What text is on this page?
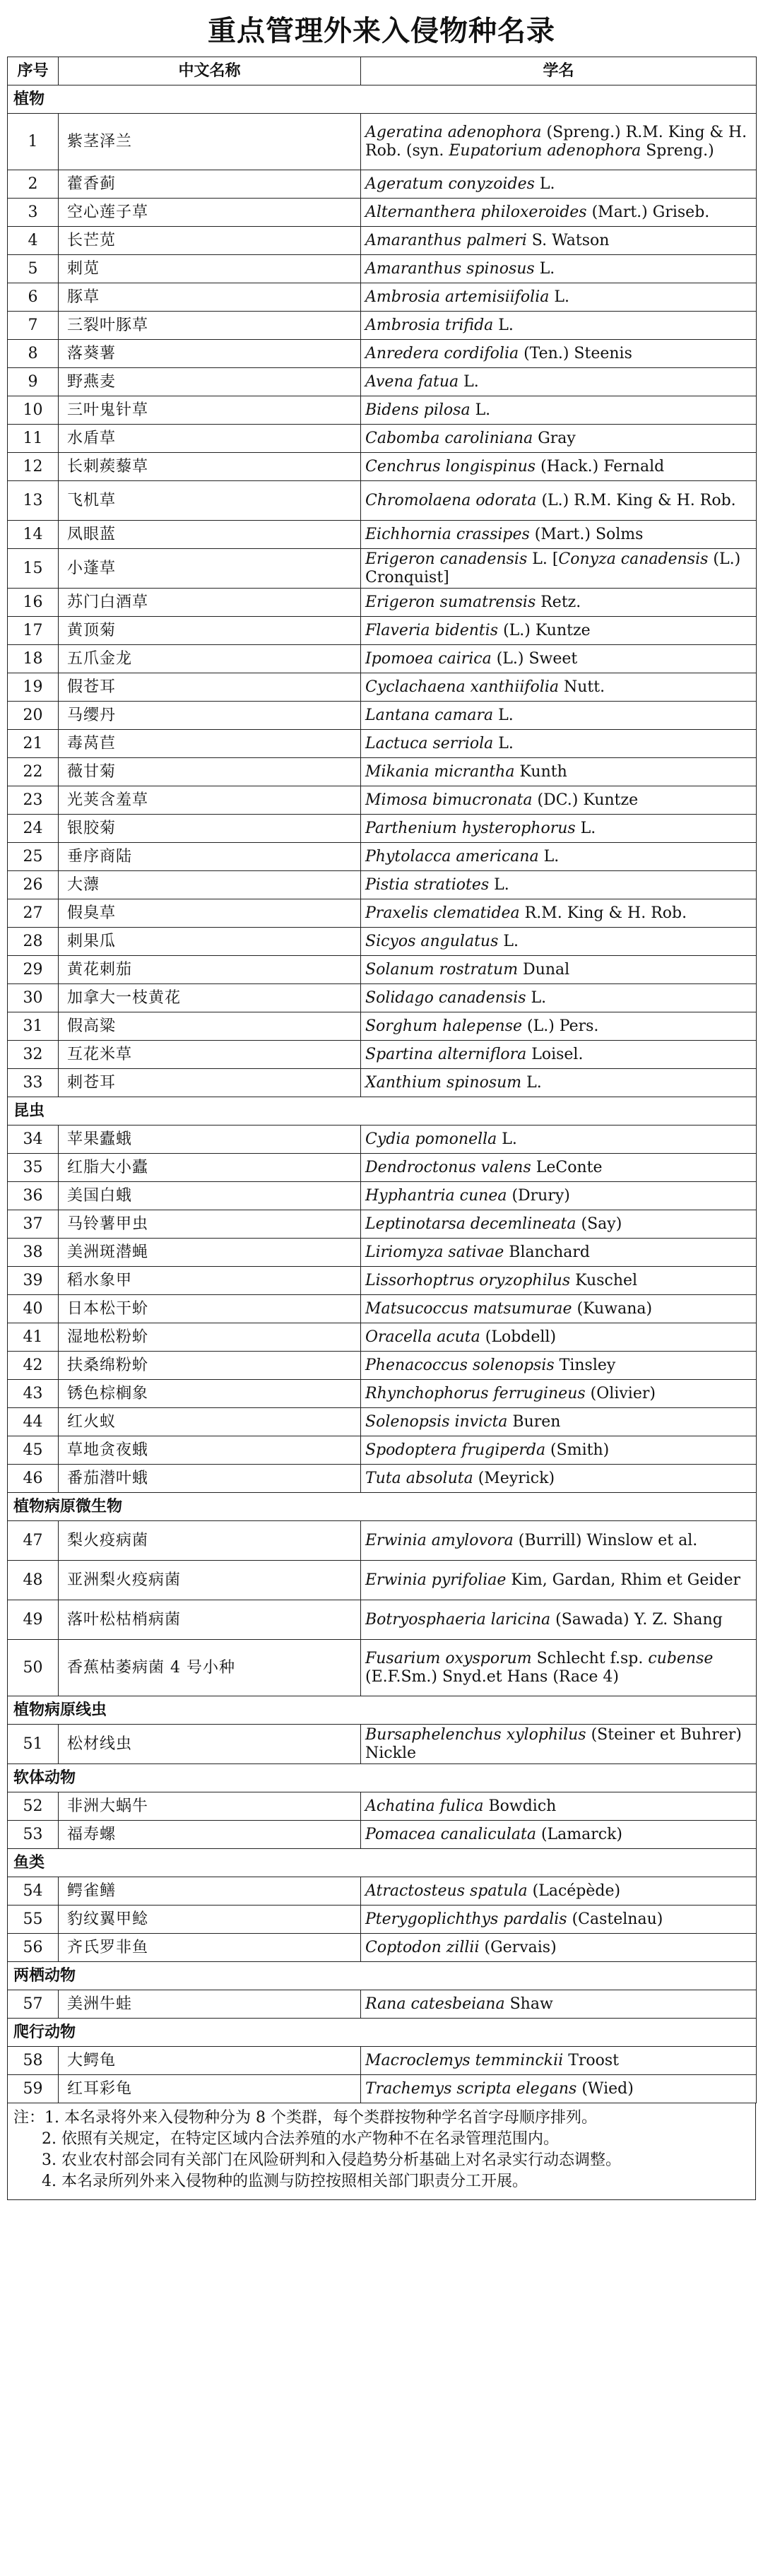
重点管理外来入侵物种名录
序号	中文名称	学名
植物		
1	紫茎泽兰	Ageratina adenophora (Spreng.) R.M. King & H. Rob. (syn. Eupatorium adenophora Spreng.)
2	藿香蓟	Ageratum conyzoides L.
3	空心莲子草	Alternanthera philoxeroides (Mart.) Griseb.
4	长芒苋	Amaranthus palmeri S. Watson
5	刺苋	Amaranthus spinosus L.
6	豚草	Ambrosia artemisiifolia L.
7	三裂叶豚草	Ambrosia trifida L.
8	落葵薯	Anredera cordifolia (Ten.) Steenis
9	野燕麦	Avena fatua L.
10	三叶鬼针草	Bidens pilosa L.
11	水盾草	Cabomba caroliniana Gray
12	长刺蒺藜草	Cenchrus longispinus (Hack.) Fernald
13	飞机草	Chromolaena odorata (L.) R.M. King & H. Rob.
14	凤眼蓝	Eichhornia crassipes (Mart.) Solms
15	小蓬草	Erigeron canadensis L. [Conyza canadensis (L.) Cronquist]
16	苏门白酒草	Erigeron sumatrensis Retz.
17	黄顶菊	Flaveria bidentis (L.) Kuntze
18	五爪金龙	Ipomoea cairica (L.) Sweet
19	假苍耳	Cyclachaena xanthiifolia Nutt.
20	马缨丹	Lantana camara L.
21	毒莴苣	Lactuca serriola L.
22	薇甘菊	Mikania micrantha Kunth
23	光荚含羞草	Mimosa bimucronata (DC.) Kuntze
24	银胶菊	Parthenium hysterophorus L.
25	垂序商陆	Phytolacca americana L.
26	大薸	Pistia stratiotes L.
27	假臭草	Praxelis clematidea R.M. King & H. Rob.
28	刺果瓜	Sicyos angulatus L.
29	黄花刺茄	Solanum rostratum Dunal
30	加拿大一枝黄花	Solidago canadensis L.
31	假高粱	Sorghum halepense (L.) Pers.
32	互花米草	Spartina alterniflora Loisel.
33	刺苍耳	Xanthium spinosum L.
昆虫		
34	苹果蠹蛾	Cydia pomonella L.
35	红脂大小蠹	Dendroctonus valens LeConte
36	美国白蛾	Hyphantria cunea (Drury)
37	马铃薯甲虫	Leptinotarsa decemlineata (Say)
38	美洲斑潜蝇	Liriomyza sativae Blanchard
39	稻水象甲	Lissorhoptrus oryzophilus Kuschel
40	日本松干蚧	Matsucoccus matsumurae (Kuwana)
41	湿地松粉蚧	Oracella acuta (Lobdell)
42	扶桑绵粉蚧	Phenacoccus solenopsis Tinsley
43	锈色棕榈象	Rhynchophorus ferrugineus (Olivier)
44	红火蚁	Solenopsis invicta Buren
45	草地贪夜蛾	Spodoptera frugiperda (Smith)
46	番茄潜叶蛾	Tuta absoluta (Meyrick)
植物病原微生物		
47	梨火疫病菌	Erwinia amylovora (Burrill) Winslow et al.
48	亚洲梨火疫病菌	Erwinia pyrifoliae Kim, Gardan, Rhim et Geider
49	落叶松枯梢病菌	Botryosphaeria laricina (Sawada) Y. Z. Shang
50	香蕉枯萎病菌 4 号小种	Fusarium oxysporum Schlecht f.sp. cubense (E.F.Sm.) Snyd.et Hans (Race 4)
植物病原线虫		
51	松材线虫	Bursaphelenchus xylophilus (Steiner et Buhrer) Nickle
软体动物		
52	非洲大蜗牛	Achatina fulica Bowdich
53	福寿螺	Pomacea canaliculata (Lamarck)
鱼类		
54	鳄雀鳝	Atractosteus spatula (Lacépède)
55	豹纹翼甲鲶	Pterygoplichthys pardalis (Castelnau)
56	齐氏罗非鱼	Coptodon zillii (Gervais)
两栖动物		
57	美洲牛蛙	Rana catesbeiana Shaw
爬行动物		
58	大鳄龟	Macroclemys temminckii Troost
59	红耳彩龟	Trachemys scripta elegans (Wied)

注：1. 本名录将外来入侵物种分为 8 个类群，每个类群按物种学名首字母顺序排列。

2. 依照有关规定，在特定区域内合法养殖的水产物种不在名录管理范围内。

3. 农业农村部会同有关部门在风险研判和入侵趋势分析基础上对名录实行动态调整。

4. 本名录所列外来入侵物种的监测与防控按照相关部门职责分工开展。
